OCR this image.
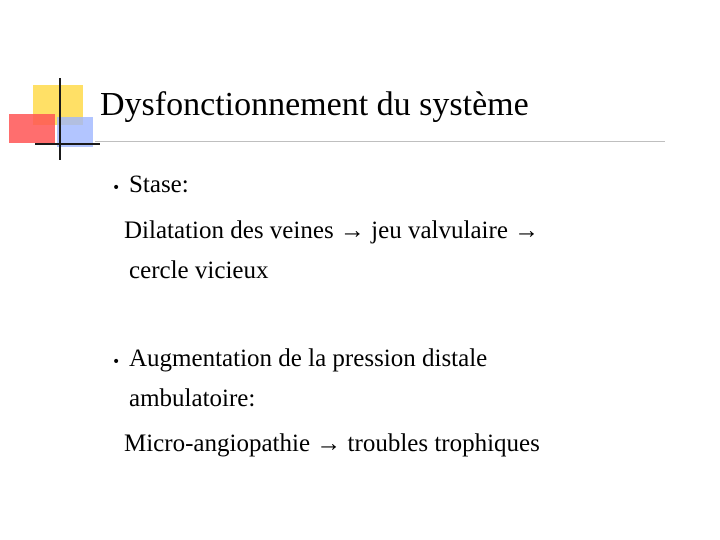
Dysfonctionnement du système
• Stase:
Dilatation des veines → jeu valvulaire →
cercle vicieux
• Augmentation de la pression distale
ambulatoire:
Micro-angiopathie → troubles trophiques
